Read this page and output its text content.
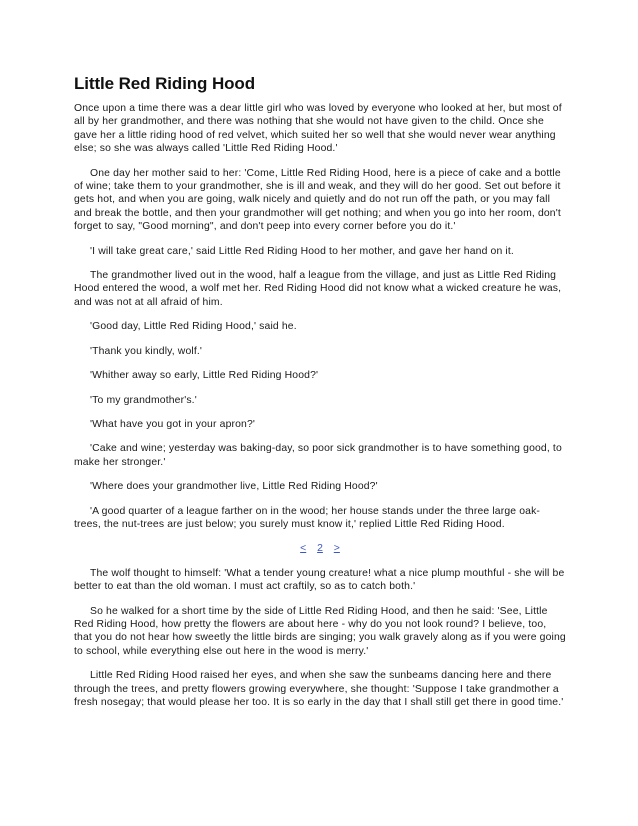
Little Red Riding Hood

Once upon a time there was a dear little girl who was loved by everyone who looked at her, but most of all by her grandmother, and there was nothing that she would not have given to the child. Once she gave her a little riding hood of red velvet, which suited her so well that she would never wear anything else; so she was always called 'Little Red Riding Hood.'

One day her mother said to her: 'Come, Little Red Riding Hood, here is a piece of cake and a bottle of wine; take them to your grandmother, she is ill and weak, and they will do her good. Set out before it gets hot, and when you are going, walk nicely and quietly and do not run off the path, or you may fall and break the bottle, and then your grandmother will get nothing; and when you go into her room, don't forget to say, "Good morning", and don't peep into every corner before you do it.'

'I will take great care,' said Little Red Riding Hood to her mother, and gave her hand on it.

The grandmother lived out in the wood, half a league from the village, and just as Little Red Riding Hood entered the wood, a wolf met her. Red Riding Hood did not know what a wicked creature he was, and was not at all afraid of him.

'Good day, Little Red Riding Hood,' said he.

'Thank you kindly, wolf.'

'Whither away so early, Little Red Riding Hood?'

'To my grandmother's.'

'What have you got in your apron?'

'Cake and wine; yesterday was baking-day, so poor sick grandmother is to have something good, to make her stronger.'

'Where does your grandmother live, Little Red Riding Hood?'

'A good quarter of a league farther on in the wood; her house stands under the three large oak-trees, the nut-trees are just below; you surely must know it,' replied Little Red Riding Hood.

< 2 >

The wolf thought to himself: 'What a tender young creature! what a nice plump mouthful - she will be better to eat than the old woman. I must act craftily, so as to catch both.'

So he walked for a short time by the side of Little Red Riding Hood, and then he said: 'See, Little Red Riding Hood, how pretty the flowers are about here - why do you not look round? I believe, too, that you do not hear how sweetly the little birds are singing; you walk gravely along as if you were going to school, while everything else out here in the wood is merry.'

Little Red Riding Hood raised her eyes, and when she saw the sunbeams dancing here and there through the trees, and pretty flowers growing everywhere, she thought: 'Suppose I take grandmother a fresh nosegay; that would please her too. It is so early in the day that I shall still get there in good time.'
